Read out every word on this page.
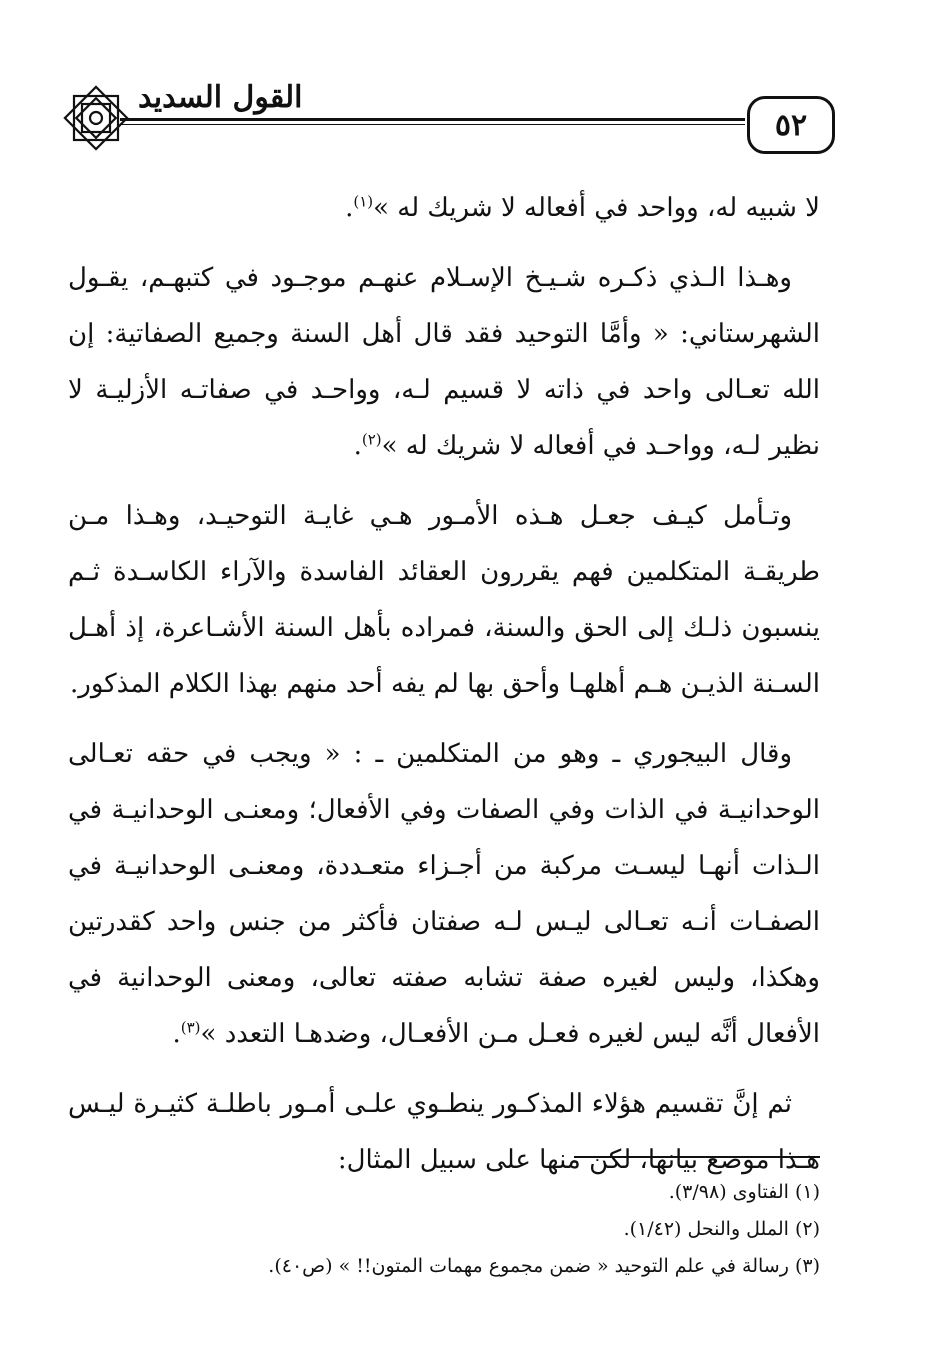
القول السديد
٥٢

لا شبيه له، وواحد في أفعاله لا شريك له »$^{(١)}$.

وهـذا الـذي ذكـره شـيـخ الإسـلام عنهـم موجـود في كتبهـم، يقـول الشهرستاني: « وأمَّا التوحيد فقد قال أهل السنة وجميع الصفاتية: إن الله تعـالى واحد في ذاته لا قسيم لـه، وواحـد في صفاتـه الأزليـة لا نظير لـه، وواحـد في أفعاله لا شريك له »$^{(٢)}$.

وتـأمل كيـف جعـل هـذه الأمـور هـي غايـة التوحيـد، وهـذا مـن طريقـة المتكلمين فهم يقررون العقائد الفاسدة والآراء الكاسـدة ثـم ينسبون ذلـك إلى الحق والسنة، فمراده بأهل السنة الأشـاعرة، إذ أهـل السـنة الذيـن هـم أهلهـا وأحق بها لم يفه أحد منهم بهذا الكلام المذكور.

وقال البيجوري ـ وهو من المتكلمين ـ : « ويجب في حقه تعـالى الوحدانيـة في الذات وفي الصفات وفي الأفعال؛ ومعنـى الوحدانيـة في الـذات أنهـا ليسـت مركبة من أجـزاء متعـددة، ومعنـى الوحدانيـة في الصفـات أنـه تعـالى ليـس لـه صفتان فأكثر من جنس واحد كقدرتين وهكذا، وليس لغيره صفة تشابه صفته تعالى، ومعنى الوحدانية في الأفعال أنَّه ليس لغيره فعـل مـن الأفعـال، وضدهـا التعدد »$^{(٣)}$.

ثم إنَّ تقسيم هؤلاء المذكـور ينطـوي علـى أمـور باطلـة كثيـرة ليـس هـذا موضع بيانها، لكن منها على سبيل المثال:

(١) الفتاوى (٣/٩٨).
(٢) الملل والنحل (١/٤٢).
(٣) رسالة في علم التوحيد « ضمن مجموع مهمات المتون!! » (ص٤٠).
